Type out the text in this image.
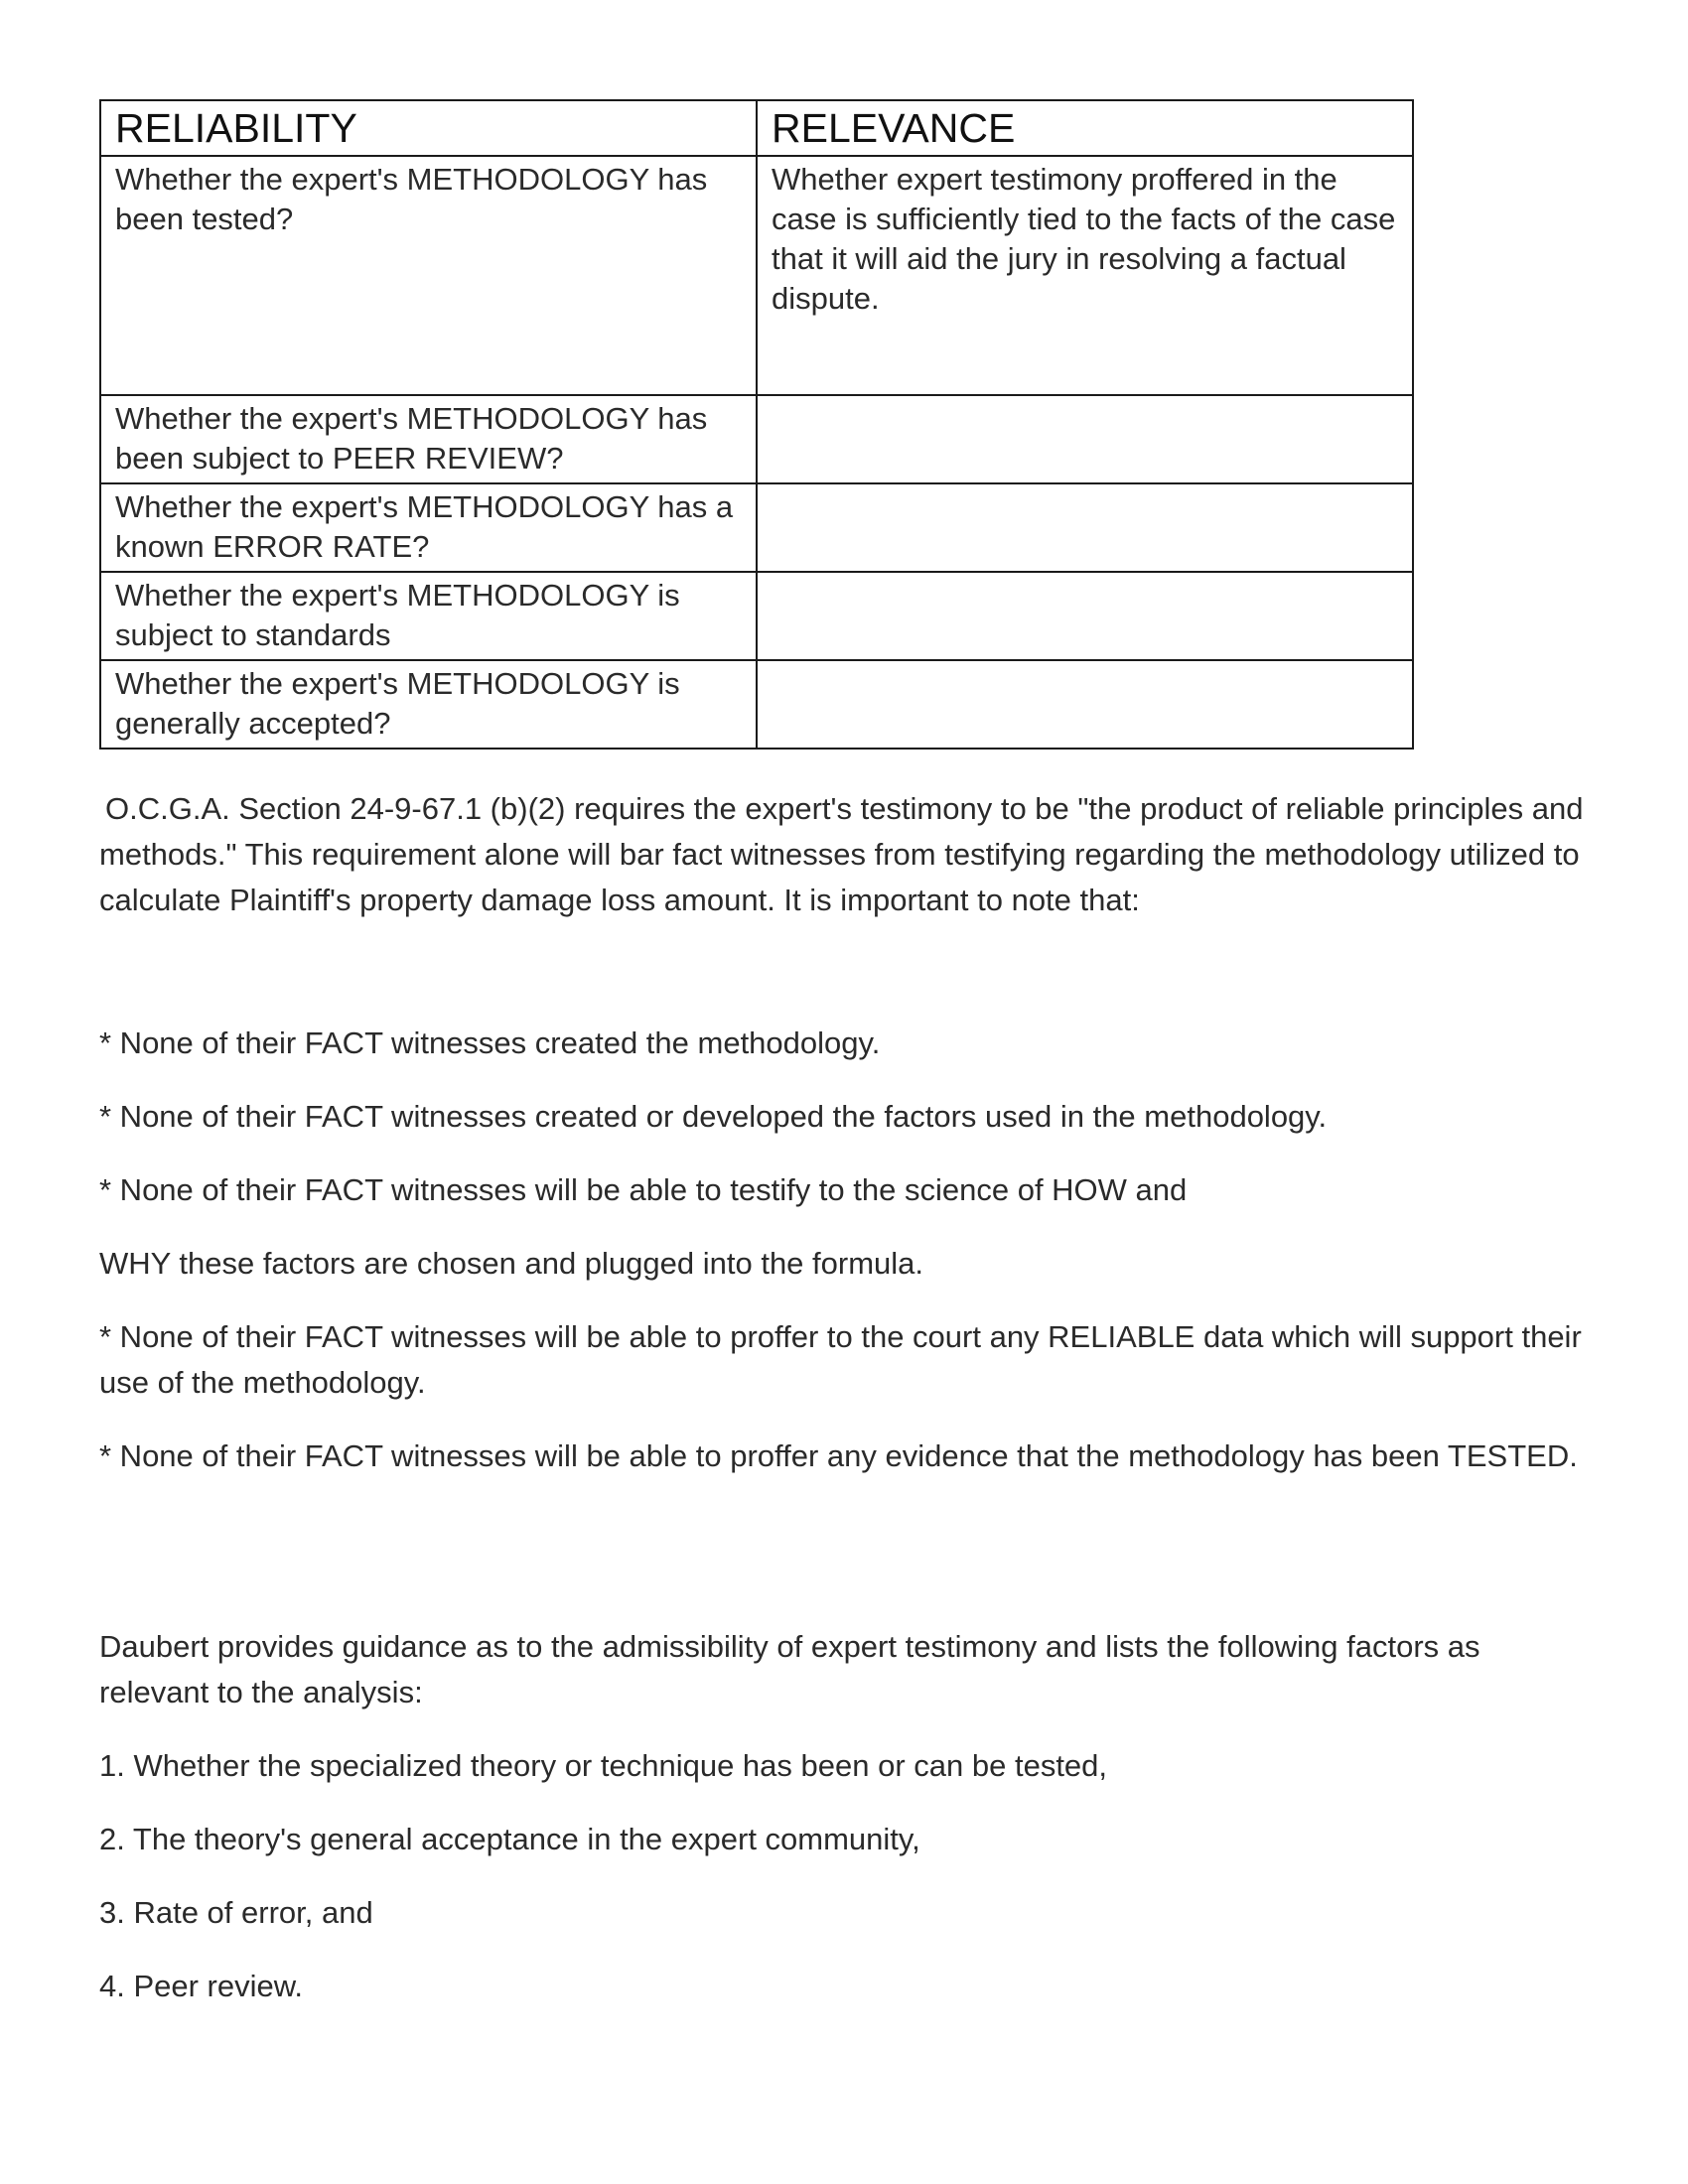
RELIABILITY	RELEVANCE
Whether the expert's METHODOLOGY has been tested?	Whether expert testimony proffered in the case is sufficiently tied to the facts of the case
that it will aid the jury in resolving a factual dispute.

Whether the expert's METHODOLOGY has been subject to PEER REVIEW?	
Whether the expert's METHODOLOGY has a known ERROR RATE?	
Whether the expert's METHODOLOGY is subject to standards	
Whether the expert's METHODOLOGY is generally accepted?	

O.C.G.A. Section 24-9-67.1 (b)(2) requires the expert's testimony to be "the product of reliable principles and methods." This requirement alone will bar fact witnesses from testifying regarding the methodology utilized to calculate Plaintiff's property damage loss amount. It is important to note that:

* None of their FACT witnesses created the methodology.

* None of their FACT witnesses created or developed the factors used in the methodology.

* None of their FACT witnesses will be able to testify to the science of HOW and

WHY these factors are chosen and plugged into the formula.

* None of their FACT witnesses will be able to proffer to the court any RELIABLE data which will support their use of the methodology.

* None of their FACT witnesses will be able to proffer any evidence that the methodology has been TESTED.

Daubert provides guidance as to the admissibility of expert testimony and lists the following factors as relevant to the analysis:

1. Whether the specialized theory or technique has been or can be tested,

2. The theory's general acceptance in the expert community,

3. Rate of error, and

4. Peer review.
